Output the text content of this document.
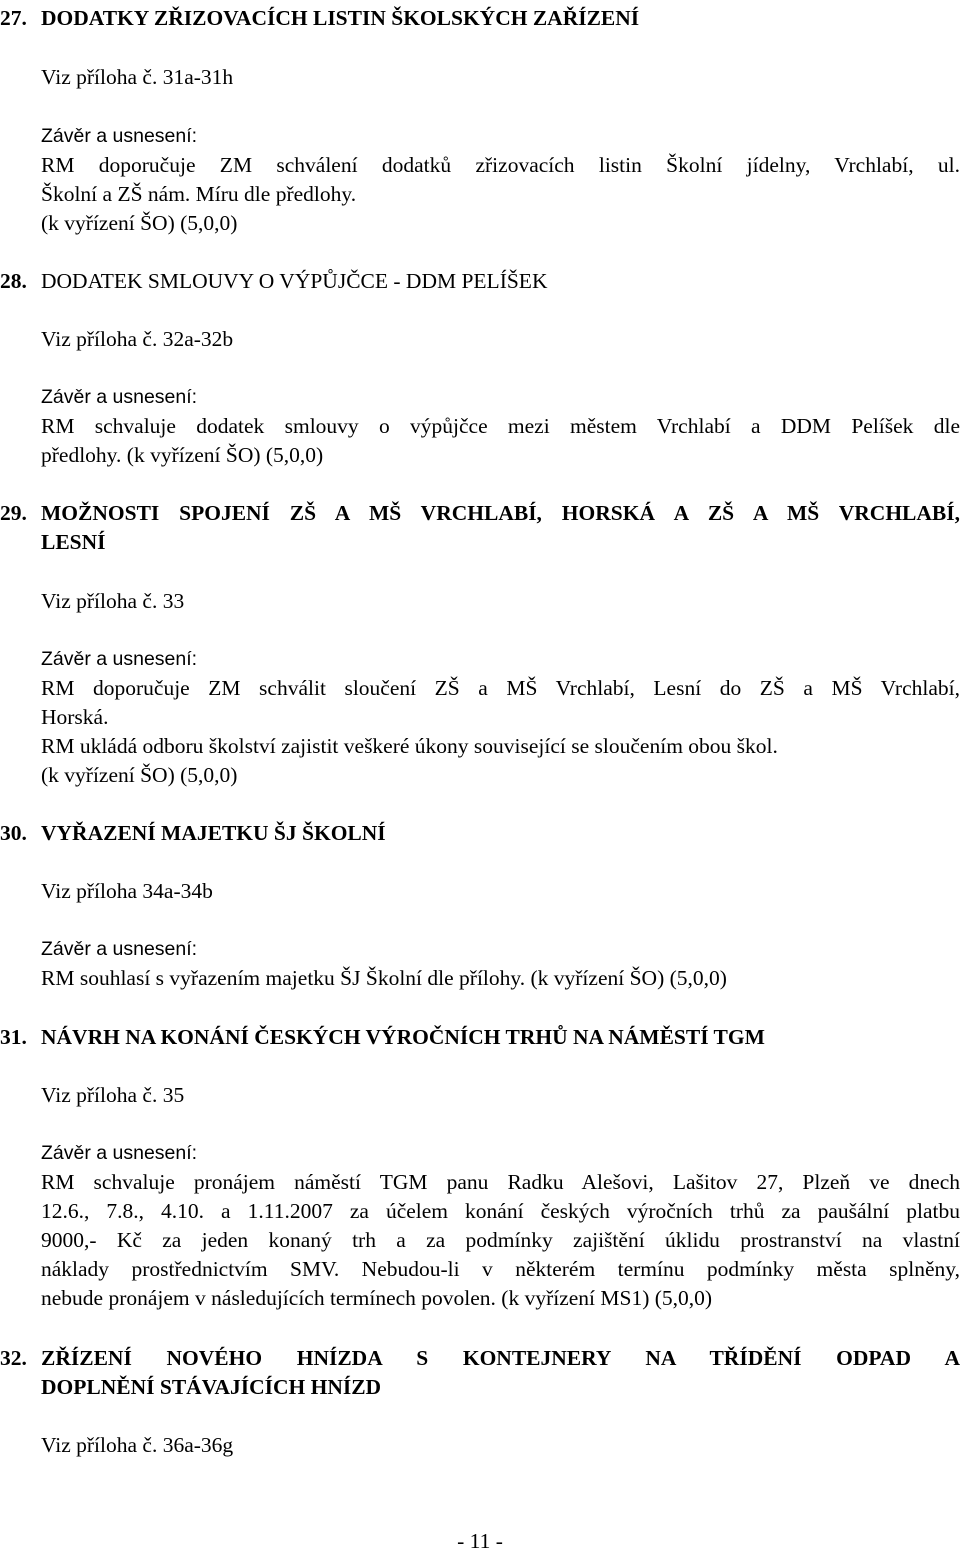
27. DODATKY ZŘIZOVACÍCH LISTIN ŠKOLSKÝCH ZAŘÍZENÍ
Viz příloha č. 31a-31h
Závěr a usnesení:
RM doporučuje ZM schválení dodatků zřizovacích listin Školní jídelny, Vrchlabí, ul.
Školní a ZŠ nám. Míru dle předlohy.
(k vyřízení ŠO) (5,0,0)
28. DODATEK SMLOUVY O VÝPŮJČCE - DDM PELÍŠEK
Viz příloha č. 32a-32b
Závěr a usnesení:
RM schvaluje dodatek smlouvy o výpůjčce mezi městem Vrchlabí a DDM Pelíšek dle
předlohy. (k vyřízení ŠO) (5,0,0)
29. MOŽNOSTI SPOJENÍ ZŠ A MŠ VRCHLABÍ, HORSKÁ A ZŠ A MŠ VRCHLABÍ,
LESNÍ
Viz příloha č. 33
Závěr a usnesení:
RM doporučuje ZM schválit sloučení ZŠ a MŠ Vrchlabí, Lesní do ZŠ a MŠ Vrchlabí,
Horská.
RM ukládá odboru školství zajistit veškeré úkony související se sloučením obou škol.
(k vyřízení ŠO) (5,0,0)
30. VYŘAZENÍ MAJETKU ŠJ ŠKOLNÍ
Viz příloha 34a-34b
Závěr a usnesení:
RM souhlasí s vyřazením majetku ŠJ Školní dle přílohy. (k vyřízení ŠO) (5,0,0)
31. NÁVRH NA KONÁNÍ ČESKÝCH VÝROČNÍCH TRHŮ NA NÁMĚSTÍ TGM
Viz příloha č. 35
Závěr a usnesení:
RM schvaluje pronájem náměstí TGM panu Radku Alešovi, Lašitov 27, Plzeň ve dnech
12.6., 7.8., 4.10. a 1.11.2007 za účelem konání českých výročních trhů za paušální platbu
9000,- Kč za jeden konaný trh a za podmínky zajištění úklidu prostranství na vlastní
náklady prostřednictvím SMV. Nebudou-li v některém termínu podmínky města splněny,
nebude pronájem v následujících termínech povolen. (k vyřízení MS1) (5,0,0)
32. ZŘÍZENÍ NOVÉHO HNÍZDA S KONTEJNERY NA TŘÍDĚNÍ ODPAD A
DOPLNĚNÍ STÁVAJÍCÍCH HNÍZD
Viz příloha č. 36a-36g
- 11 -
